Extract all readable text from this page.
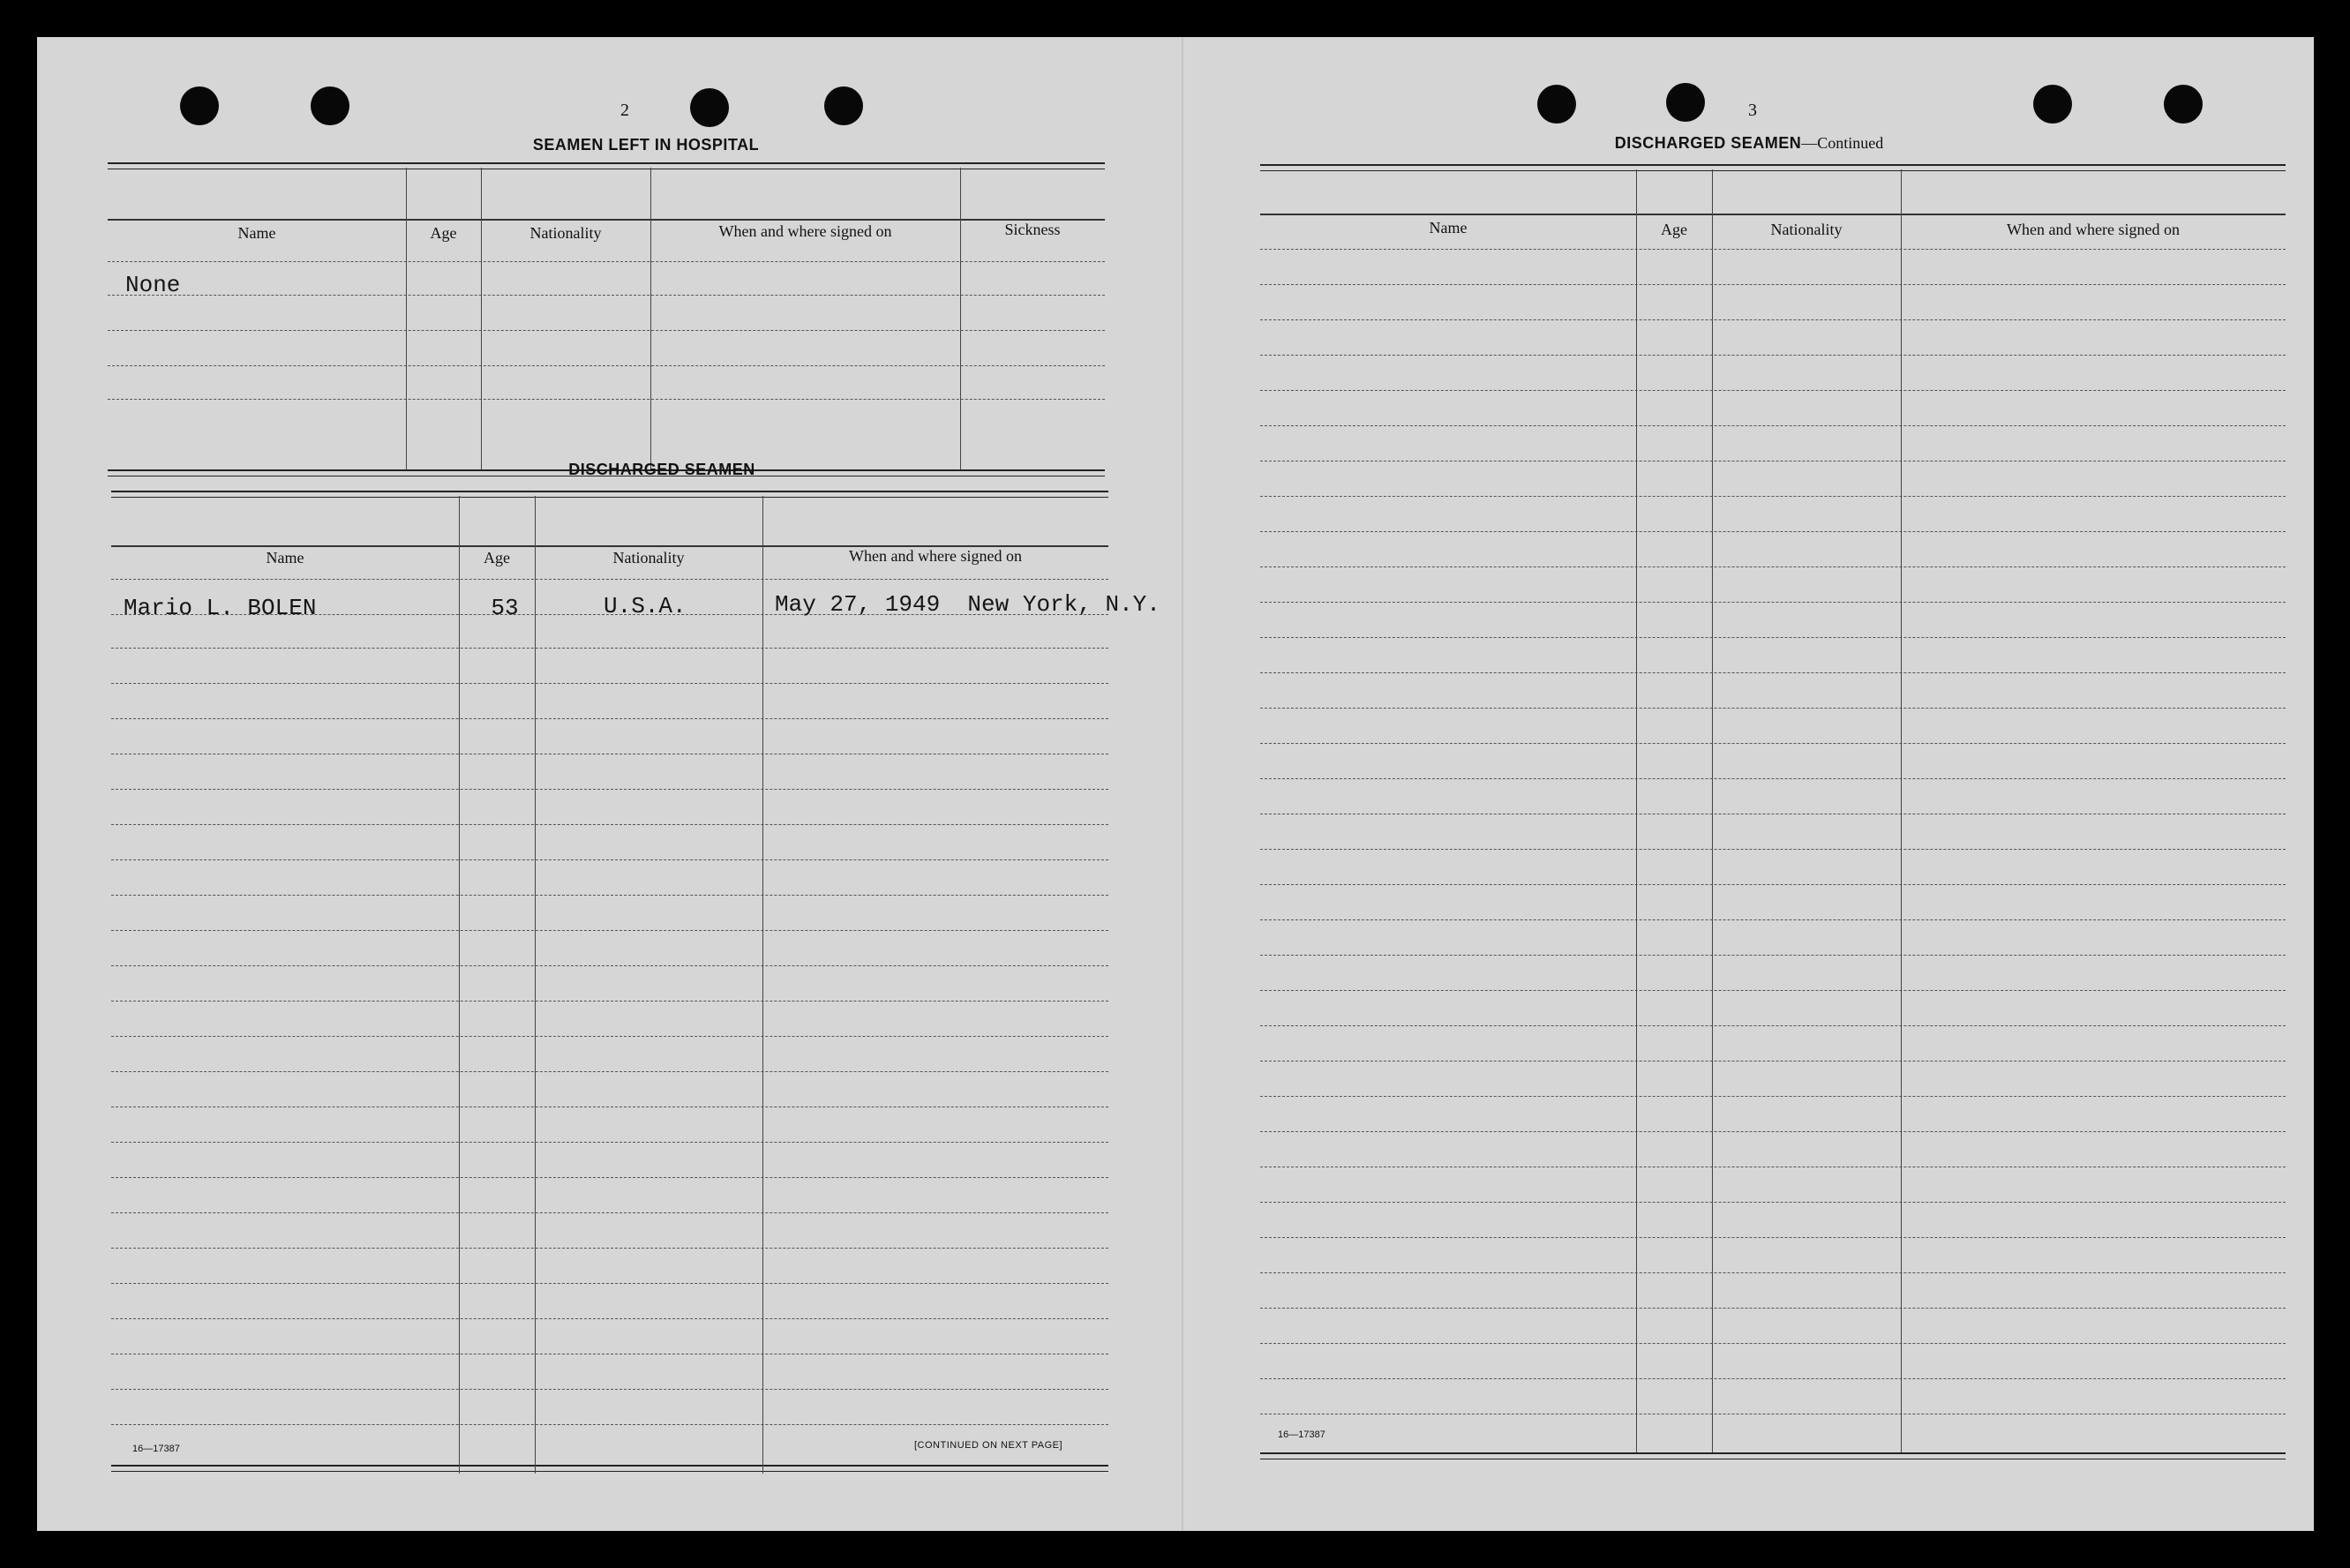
2
SEAMEN LEFT IN HOSPITAL
Name	Age	Nationality	When and where signed on	Sickness
None
DISCHARGED SEAMEN
Name	Age	Nationality	When and where signed on
Mario L. BOLEN	53	U.S.A.	May 27, 1949  New York, N.Y.
16—17387	[CONTINUED ON NEXT PAGE]
3
DISCHARGED SEAMEN—Continued
Name	Age	Nationality	When and where signed on
16—17387
